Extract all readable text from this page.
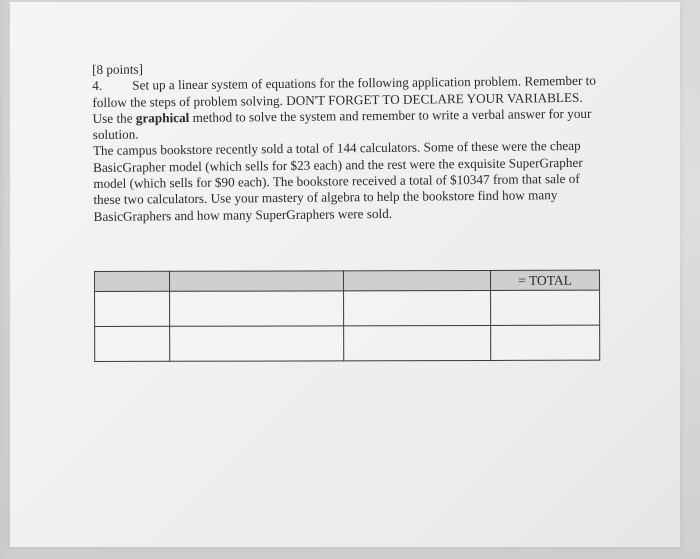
[8 points]
4. Set up a linear system of equations for the following application problem. Remember to
follow the steps of problem solving. DON'T FORGET TO DECLARE YOUR VARIABLES.
Use the graphical method to solve the system and remember to write a verbal answer for your
solution.
The campus bookstore recently sold a total of 144 calculators. Some of these were the cheap
BasicGrapher model (which sells for $23 each) and the rest were the exquisite SuperGrapher
model (which sells for $90 each). The bookstore received a total of $10347 from that sale of
these two calculators. Use your mastery of algebra to help the bookstore find how many
BasicGraphers and how many SuperGraphers were sold.
			= TOTAL
